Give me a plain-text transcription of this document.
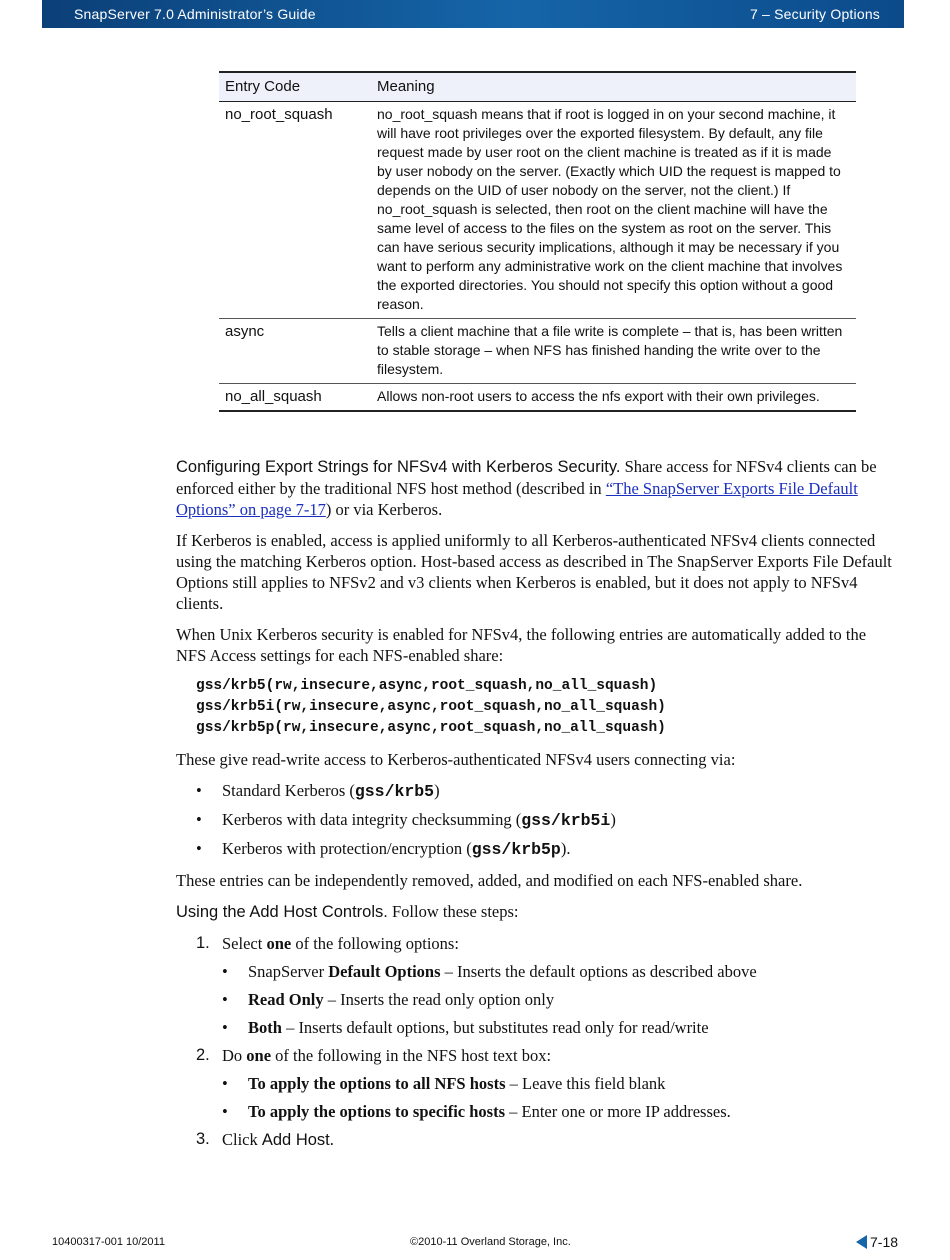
SnapServer 7.0 Administrator’s Guide	7 – Security Options
Entry Code	Meaning
no_root_squash	no_root_squash means that if root is logged in on your second machine, it will have root privileges over the exported filesystem. By default, any file request made by user root on the client machine is treated as if it is made by user nobody on the server. (Exactly which UID the request is mapped to depends on the UID of user nobody on the server, not the client.) If no_root_squash is selected, then root on the client machine will have the same level of access to the files on the system as root on the server. This can have serious security implications, although it may be necessary if you want to perform any administrative work on the client machine that involves the exported directories. You should not specify this option without a good reason.
async	Tells a client machine that a file write is complete – that is, has been written to stable storage – when NFS has finished handing the write over to the filesystem.
no_all_squash	Allows non-root users to access the nfs export with their own privileges.

Configuring Export Strings for NFSv4 with Kerberos Security. Share access for NFSv4 clients can be enforced either by the traditional NFS host method (described in “The SnapServer Exports File Default Options” on page 7-17) or via Kerberos.

If Kerberos is enabled, access is applied uniformly to all Kerberos-authenticated NFSv4 clients connected using the matching Kerberos option. Host-based access as described in The SnapServer Exports File Default Options still applies to NFSv2 and v3 clients when Kerberos is enabled, but it does not apply to NFSv4 clients.

When Unix Kerberos security is enabled for NFSv4, the following entries are automatically added to the NFS Access settings for each NFS-enabled share:

gss/krb5(rw,insecure,async,root_squash,no_all_squash)
gss/krb5i(rw,insecure,async,root_squash,no_all_squash)
gss/krb5p(rw,insecure,async,root_squash,no_all_squash)

These give read-write access to Kerberos-authenticated NFSv4 users connecting via:

• Standard Kerberos (gss/krb5)
• Kerberos with data integrity checksumming (gss/krb5i)
• Kerberos with protection/encryption (gss/krb5p).

These entries can be independently removed, added, and modified on each NFS-enabled share.

Using the Add Host Controls. Follow these steps:

1. Select one of the following options:
• SnapServer Default Options – Inserts the default options as described above
• Read Only – Inserts the read only option only
• Both – Inserts default options, but substitutes read only for read/write
2. Do one of the following in the NFS host text box:
• To apply the options to all NFS hosts – Leave this field blank
• To apply the options to specific hosts – Enter one or more IP addresses.
3. Click Add Host.
10400317-001 10/2011	©2010-11 Overland Storage, Inc.	7-18
